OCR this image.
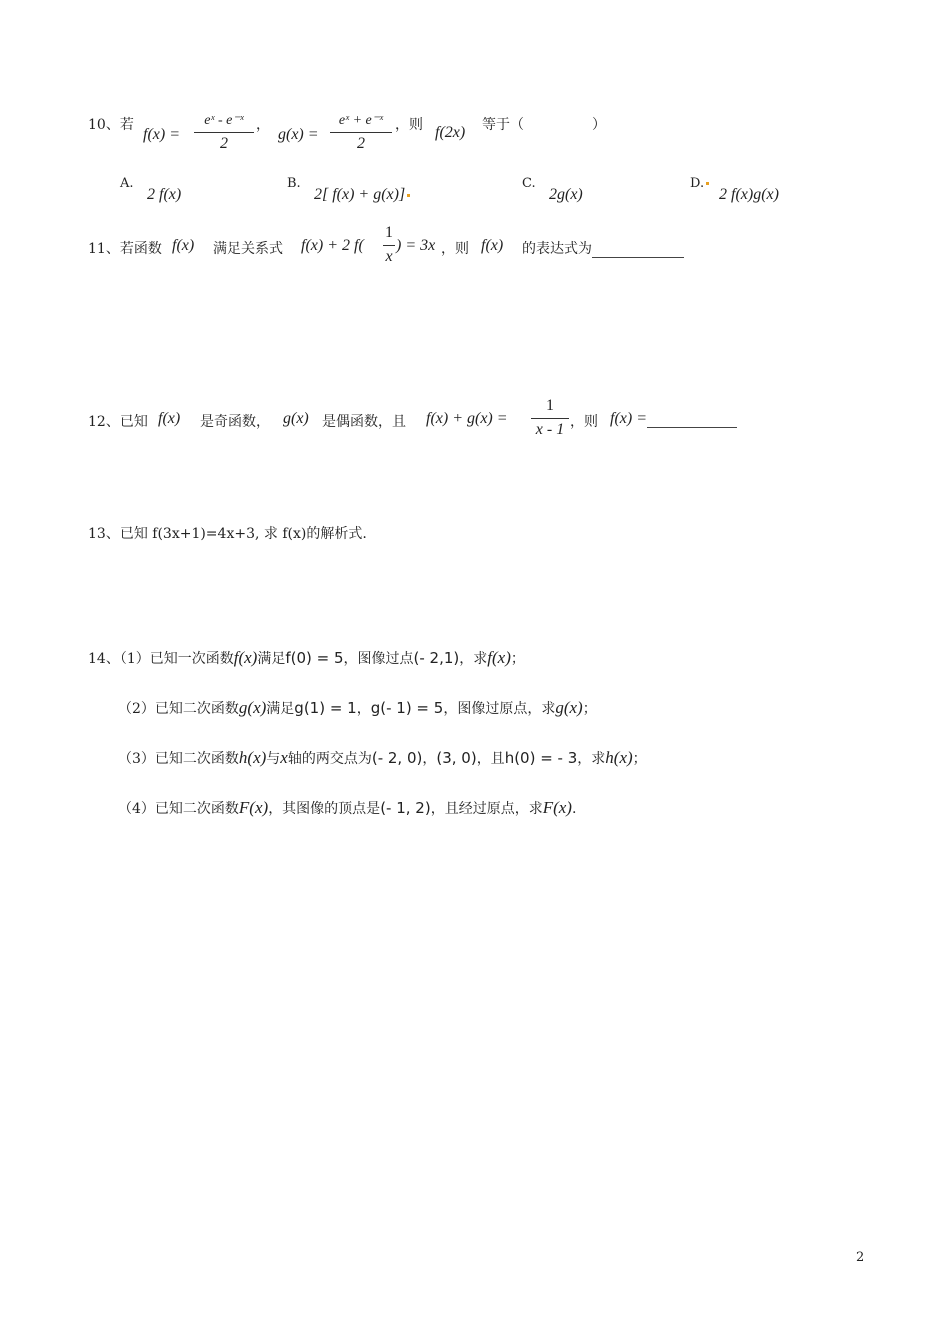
10、若
f(x) =
eˣ - e⁻ˣ
2
，
g(x) =
eˣ + e⁻ˣ
2
，则 f(2x) 等于（	）
A.
2 f(x)
B.
2[ f(x) + g(x)]
C.
2g(x)
D.
2 f(x)g(x)
11、若函数 f(x) 满足关系式 f(x) + 2 f(
1
x
) = 3x ，则 f(x) 的表达式为
12、已知 f(x) 是奇函数， g(x) 是偶函数，且 f(x) + g(x) =
1
x - 1 ，则 f(x) =
13、已知 f(3x+1)=4x+3, 求 f(x)的解析式.
14、（1）已知一次函数f(x)满足f(0) = 5，图像过点(- 2,1)，求f(x)；
（2）已知二次函数g(x)满足g(1) = 1，g(- 1) = 5，图像过原点，求g(x)；
（3）已知二次函数h(x)与x轴的两交点为(- 2, 0)，(3, 0)，且h(0) = - 3，求h(x)；
（4）已知二次函数F(x)，其图像的顶点是(- 1, 2)，且经过原点，求F(x).
2
